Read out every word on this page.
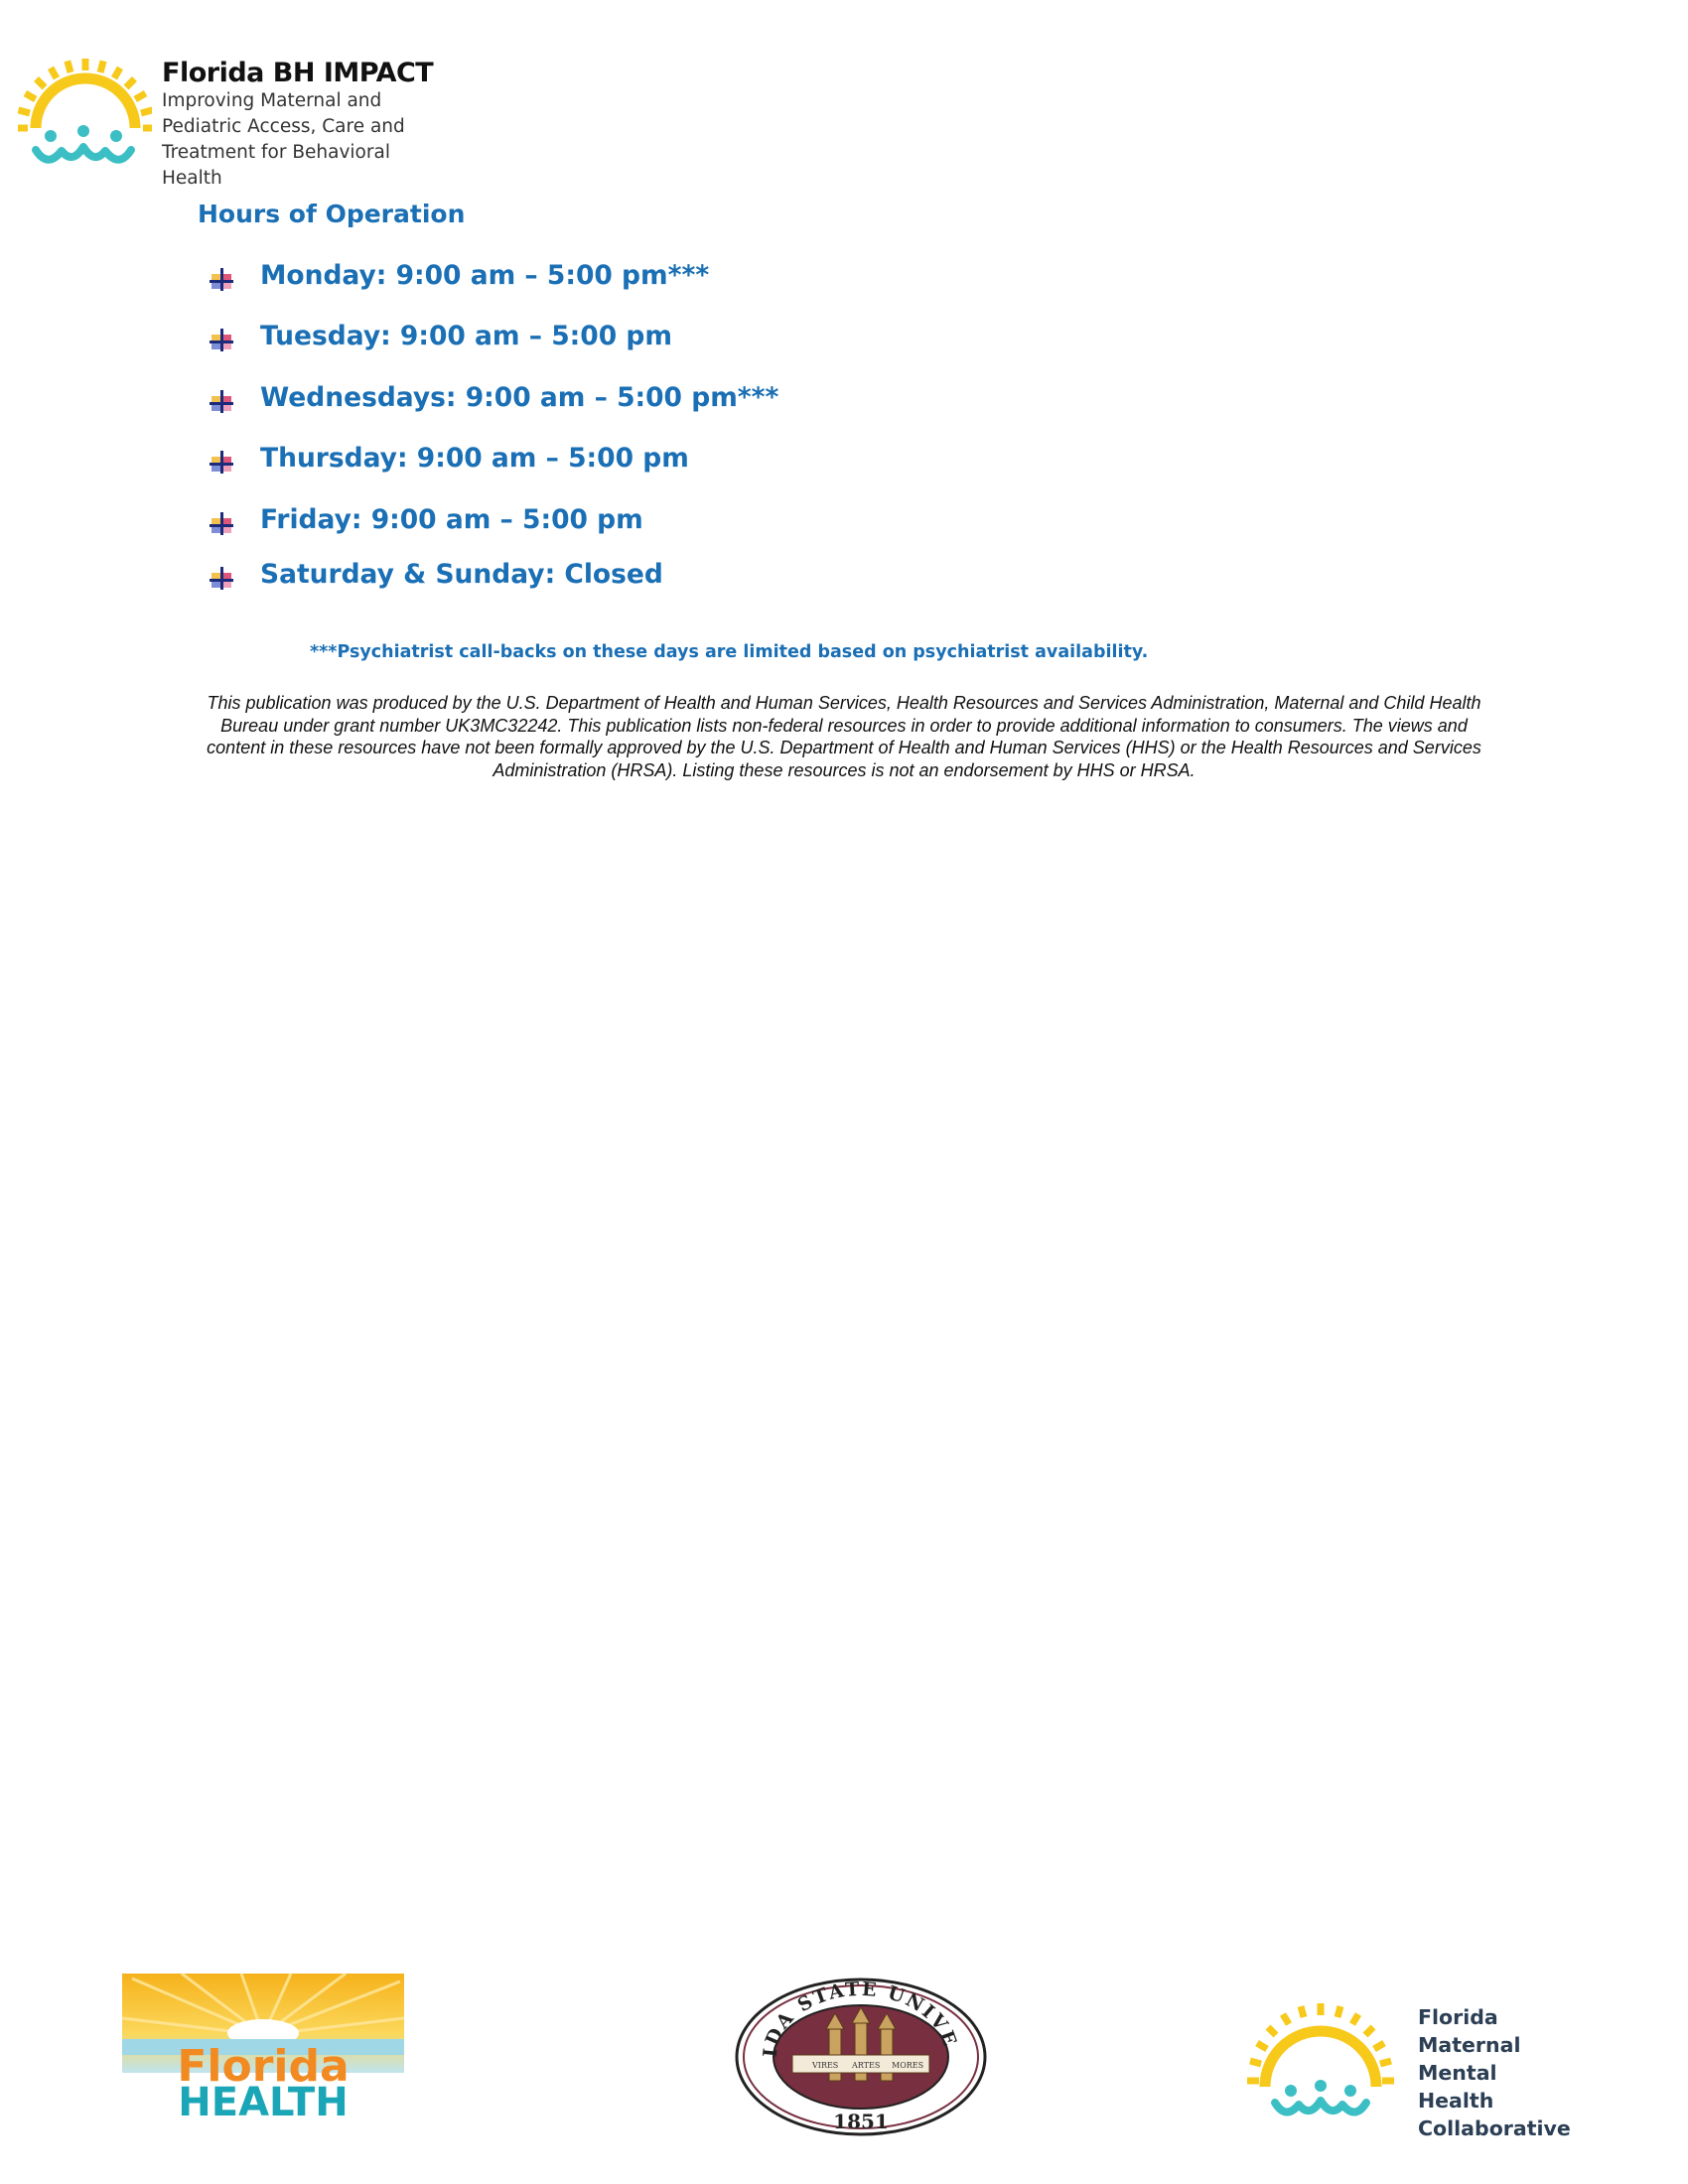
Florida BH IMPACT
Improving Maternal and
Pediatric Access, Care and
Treatment for Behavioral Health
Hours of Operation
Monday: 9:00 am – 5:00 pm***
Tuesday: 9:00 am – 5:00 pm
Wednesdays: 9:00 am – 5:00 pm***
Thursday: 9:00 am – 5:00 pm
Friday: 9:00 am – 5:00 pm
Saturday & Sunday: Closed
***Psychiatrist call-backs on these days are limited based on psychiatrist availability.
This publication was produced by the U.S. Department of Health and Human Services, Health Resources and Services Administration, Maternal and Child Health Bureau under grant number UK3MC32242. This publication lists non-federal resources in order to provide additional information to consumers. The views and content in these resources have not been formally approved by the U.S. Department of Health and Human Services (HHS) or the Health Resources and Services Administration (HRSA). Listing these resources is not an endorsement by HHS or HRSA.
Florida
HEALTH
IDA STATE UNIVE
VIRES ARTES MORES
1851
Florida
Maternal
Mental Health
Collaborative
